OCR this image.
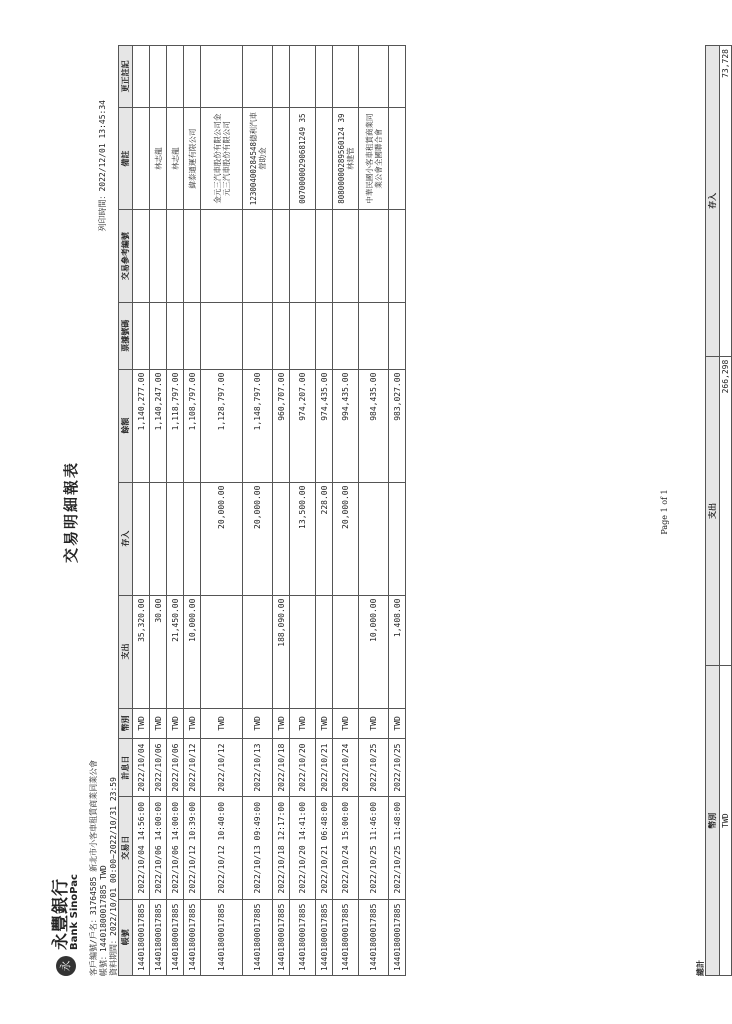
永
永豐銀行
Bank SinoPac
交易明細報表
客戶編號/戶名：31764585 新北市小客車租賃商業同業公會 帳號：14401800017885 TWD 資料期間：2022/10/01 00:00~2022/10/31 23:59
列印時間：2022/12/01 13:45:34
帳號	交易日	計息日	幣別	支出	存入	餘額	票據號碼	交易參考編號	備註	更正註記
14401800017885	2022/10/04 14:56:00	2022/10/04	TWD	35,320.00		1,140,277.00				
14401800017885	2022/10/06 14:00:00	2022/10/06	TWD	30.00		1,140,247.00			林志龍	
14401800017885	2022/10/06 14:00:00	2022/10/06	TWD	21,450.00		1,118,797.00			林志龍	
14401800017885	2022/10/12 10:39:00	2022/10/12	TWD	10,000.00		1,108,797.00			緯泰通運有限公司	
14401800017885	2022/10/12 10:40:00	2022/10/12	TWD		20,000.00	1,128,797.00			金元三汽車股份有限公司金元三汽車股份有限公司	
14401800017885	2022/10/13 09:49:00	2022/10/13	TWD		20,000.00	1,148,797.00			12300400284548德利汽車營助金	
14401800017885	2022/10/18 12:17:00	2022/10/18	TWD	188,090.00		960,707.00				
14401800017885	2022/10/20 14:41:00	2022/10/20	TWD		13,500.00	974,207.00			00700000290681249 35	
14401800017885	2022/10/21 06:48:00	2022/10/21	TWD		228.00	974,435.00				
14401800017885	2022/10/24 15:00:00	2022/10/24	TWD		20,000.00	994,435.00			80800000289560124 39林建管	
14401800017885	2022/10/25 11:46:00	2022/10/25	TWD	10,000.00		984,435.00			中華民國小客車租賃商業同業公會全國聯合會	
14401800017885	2022/10/25 11:48:00	2022/10/25	TWD	1,408.00		983,027.00				
總計
幣別	支出	存入
TWD	266,298	73,728
Page 1 of 1
